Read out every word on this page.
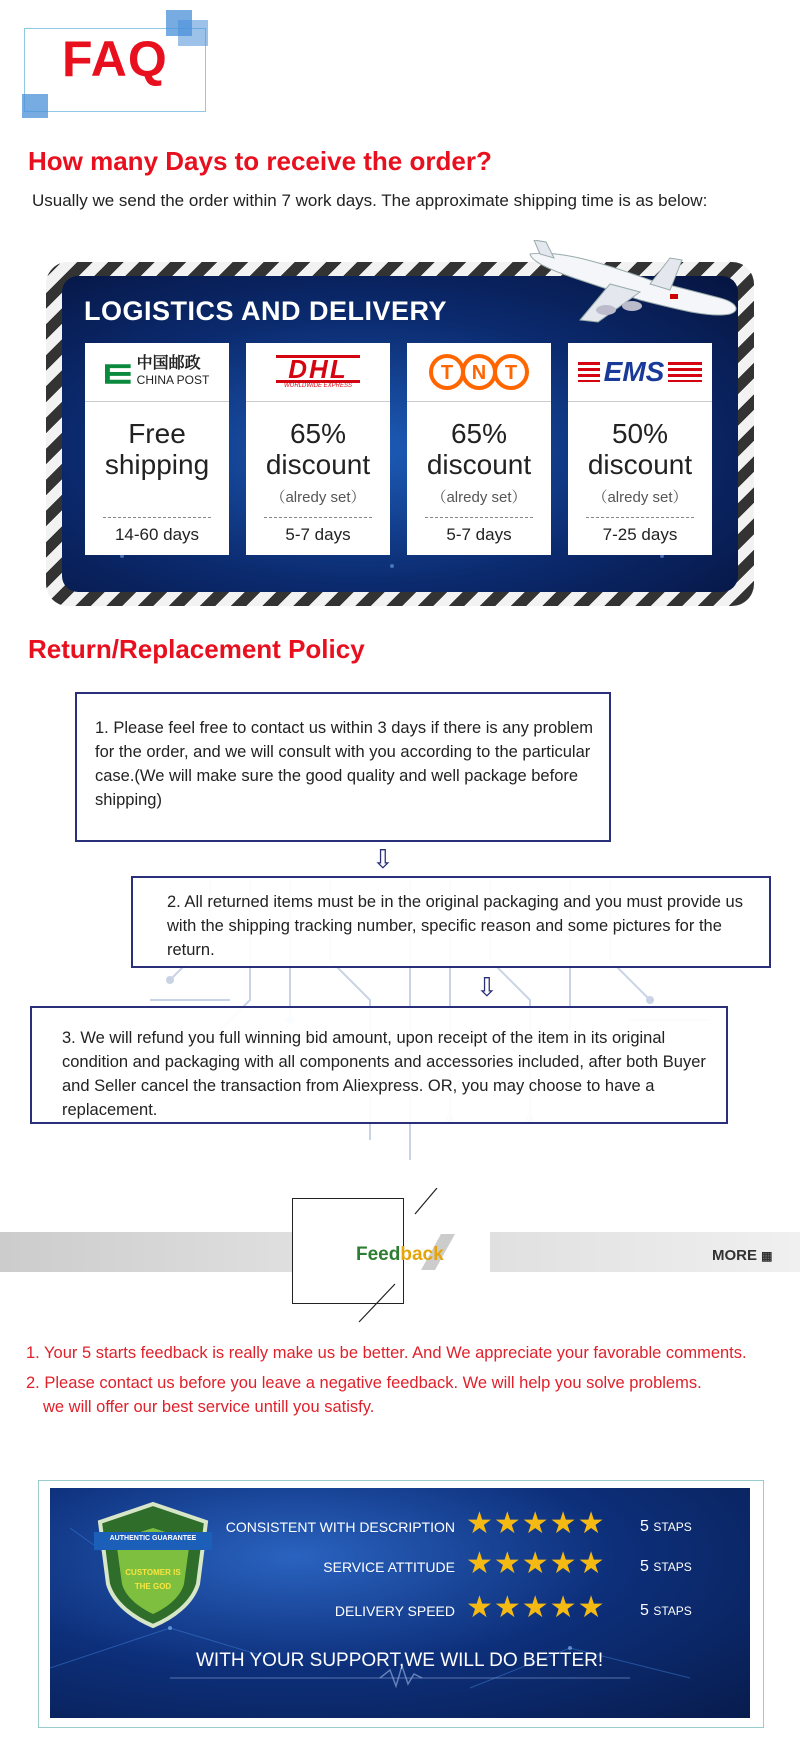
FAQ
How many Days to receive the order?
Usually we send the order within 7 work days. The approximate shipping time is as below:
LOGISTICS AND DELIVERY
中国邮政
CHINA POST
Free
shipping
14-60 days
DHL
WORLDWIDE EXPRESS
65%
discount
（alredy set）
5-7 days
T N T
65%
discount
（alredy set）
5-7 days
EMS
50%
discount
（alredy set）
7-25 days
Return/Replacement Policy
1. Please feel free to contact us within 3 days if there is any problem for the order, and we will consult with you according to the particular case.(We will make sure the good quality and well package before shipping)
⇩
2. All returned items must be in the original packaging and you must provide us with the shipping tracking number, specific reason and some pictures for the return.
⇩
3. We will refund you full winning bid amount, upon receipt of the item in its original condition and packaging with all components and accessories included, after both Buyer and Seller cancel the transaction from Aliexpress. OR, you may choose to have a replacement.
Feedback	MORE ▦
1. Your 5 starts feedback is really make us be better. And We appreciate your favorable comments.
2. Please contact us before you leave a negative feedback. We will help you solve problems.
we will offer our best service untill you satisfy.
AUTHENTIC GUARANTEE
CUSTOMER IS
THE GOD
CONSISTENT WITH DESCRIPTION ★★★★★ 5 STAPS
SERVICE ATTITUDE ★★★★★ 5 STAPS
DELIVERY SPEED ★★★★★ 5 STAPS
WITH YOUR SUPPORT,WE WILL DO BETTER!
